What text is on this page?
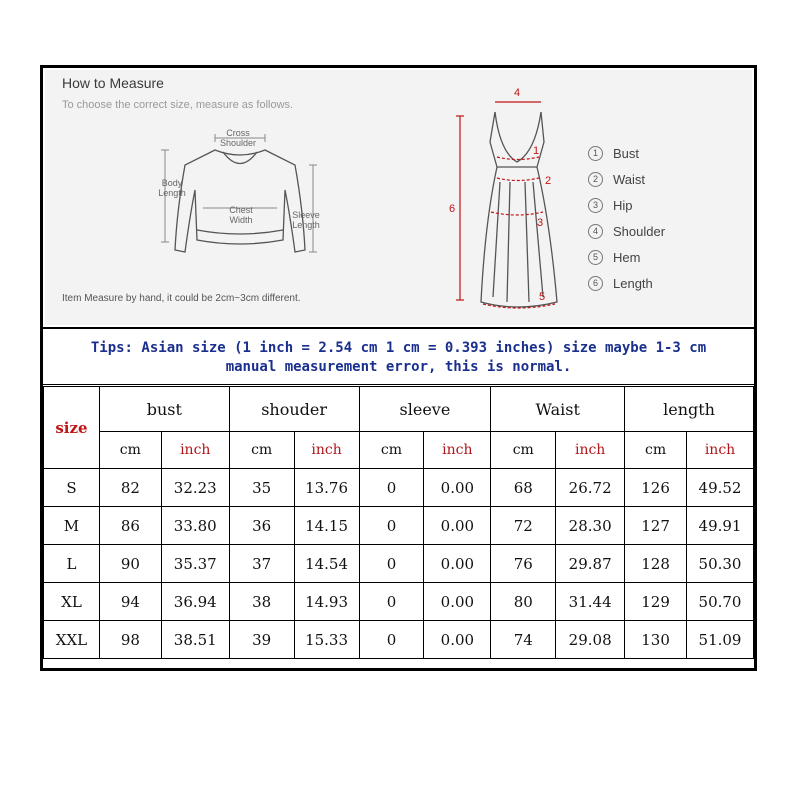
How to Measure
To choose the correct size, measure as follows.
Cross Shoulder
Body Length
Chest Width	Sleeve Length
Item Measure by hand, it could be 2cm~3cm different.
4
1
2
3
5
6
1	Bust
2	Waist
3	Hip
4	Shoulder
5	Hem
6	Length
Tips: Asian size (1 inch = 2.54 cm 1 cm = 0.393 inches) size maybe 1-3 cm
manual measurement error, this is normal.
size	bust		shouder		sleeve		Waist		length	
	cm	inch	cm	inch	cm	inch	cm	inch	cm	inch
S	82	32.23	35	13.76	0	0.00	68	26.72	126	49.52
M	86	33.80	36	14.15	0	0.00	72	28.30	127	49.91
L	90	35.37	37	14.54	0	0.00	76	29.87	128	50.30
XL	94	36.94	38	14.93	0	0.00	80	31.44	129	50.70
XXL	98	38.51	39	15.33	0	0.00	74	29.08	130	51.09
